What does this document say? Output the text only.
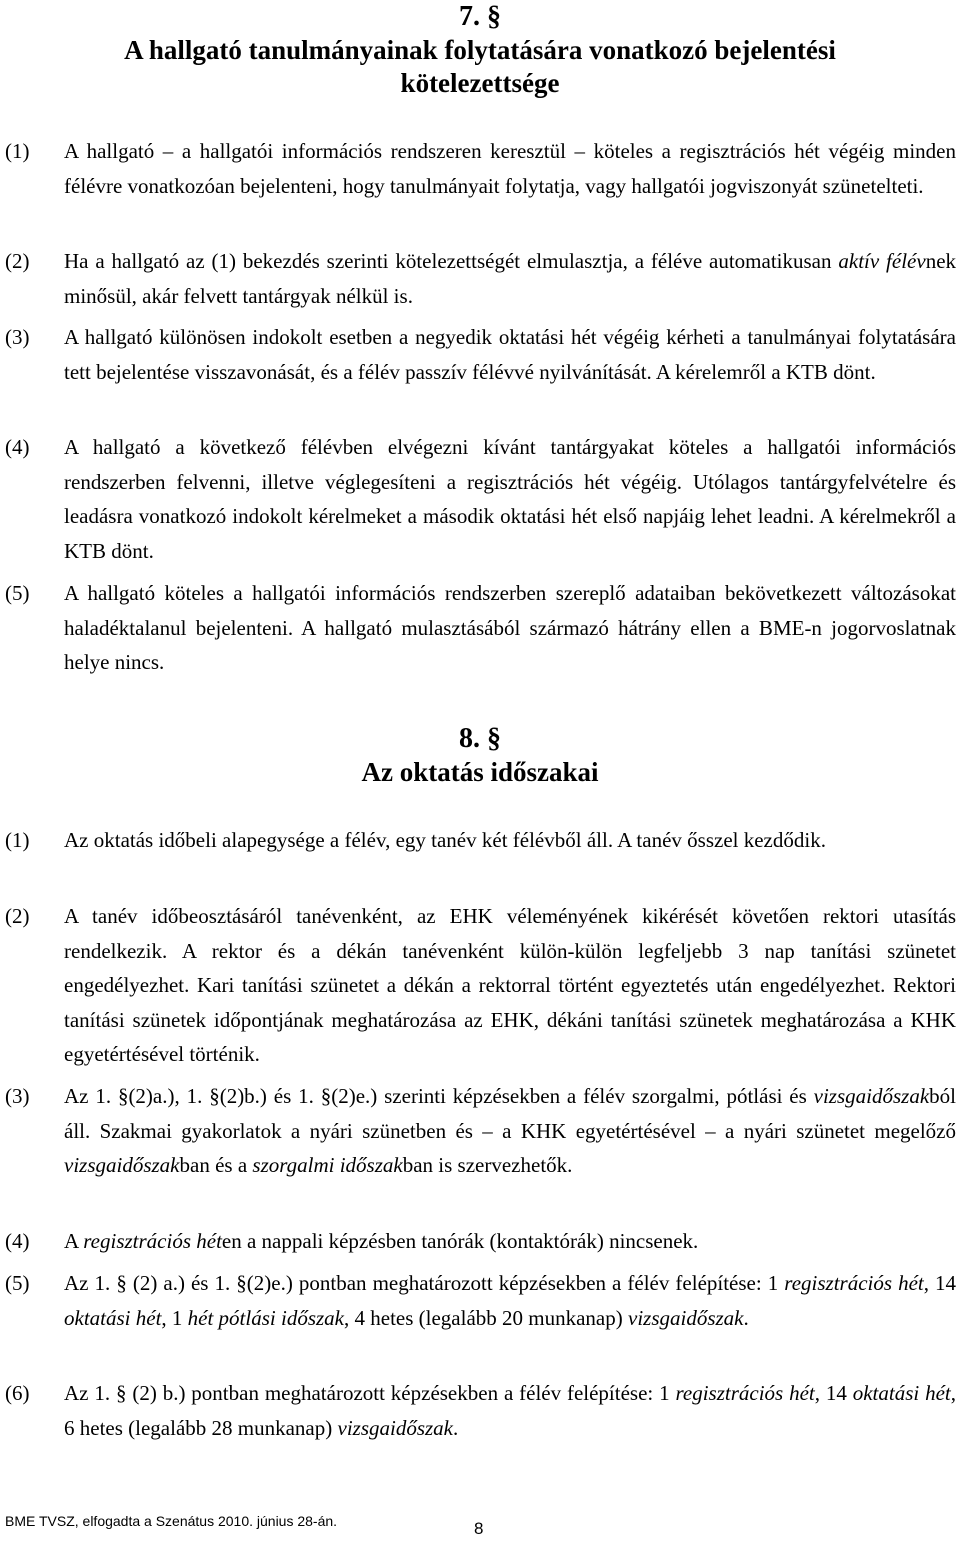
7. §
A hallgató tanulmányainak folytatására vonatkozó bejelentési
kötelezettsége
(1) A hallgató – a hallgatói információs rendszeren keresztül – köteles a regisztrációs hét végéig minden félévre vonatkozóan bejelenteni, hogy tanulmányait folytatja, vagy hallgatói jogviszonyát szünetelteti.
(2) Ha a hallgató az (1) bekezdés szerinti kötelezettségét elmulasztja, a féléve automatikusan aktív félévnek minősül, akár felvett tantárgyak nélkül is.
(3) A hallgató különösen indokolt esetben a negyedik oktatási hét végéig kérheti a tanulmányai folytatására tett bejelentése visszavonását, és a félév passzív félévvé nyilvánítását. A kérelemről a KTB dönt.
(4) A hallgató a következő félévben elvégezni kívánt tantárgyakat köteles a hallgatói információs rendszerben felvenni, illetve véglegesíteni a regisztrációs hét végéig. Utólagos tantárgyfelvételre és leadásra vonatkozó indokolt kérelmeket a második oktatási hét első napjáig lehet leadni. A kérelmekről a KTB dönt.
(5) A hallgató köteles a hallgatói információs rendszerben szereplő adataiban bekövetkezett változásokat haladéktalanul bejelenteni. A hallgató mulasztásából származó hátrány ellen a BME-n jogorvoslatnak helye nincs.
8. §
Az oktatás időszakai
(1) Az oktatás időbeli alapegysége a félév, egy tanév két félévből áll. A tanév ősszel kezdődik.
(2) A tanév időbeosztásáról tanévenként, az EHK véleményének kikérését követően rektori utasítás rendelkezik. A rektor és a dékán tanévenként külön-külön legfeljebb 3 nap tanítási szünetet engedélyezhet. Kari tanítási szünetet a dékán a rektorral történt egyeztetés után engedélyezhet. Rektori tanítási szünetek időpontjának meghatározása az EHK, dékáni tanítási szünetek meghatározása a KHK egyetértésével történik.
(3) Az 1. §(2)a.), 1. §(2)b.) és 1. §(2)e.) szerinti képzésekben a félév szorgalmi, pótlási és vizsgaidőszakból áll. Szakmai gyakorlatok a nyári szünetben és – a KHK egyetértésével – a nyári szünetet megelőző vizsgaidőszakban és a szorgalmi időszakban is szervezhetők.
(4) A regisztrációs héten a nappali képzésben tanórák (kontaktórák) nincsenek.
(5) Az 1. § (2) a.) és 1. §(2)e.) pontban meghatározott képzésekben a félév felépítése: 1 regisztrációs hét, 14 oktatási hét, 1 hét pótlási időszak, 4 hetes (legalább 20 munkanap) vizsgaidőszak.
(6) Az 1. § (2) b.) pontban meghatározott képzésekben a félév felépítése: 1 regisztrációs hét, 14 oktatási hét, 6 hetes (legalább 28 munkanap) vizsgaidőszak.
BME TVSZ, elfogadta a Szenátus 2010. június 28-án.	8
